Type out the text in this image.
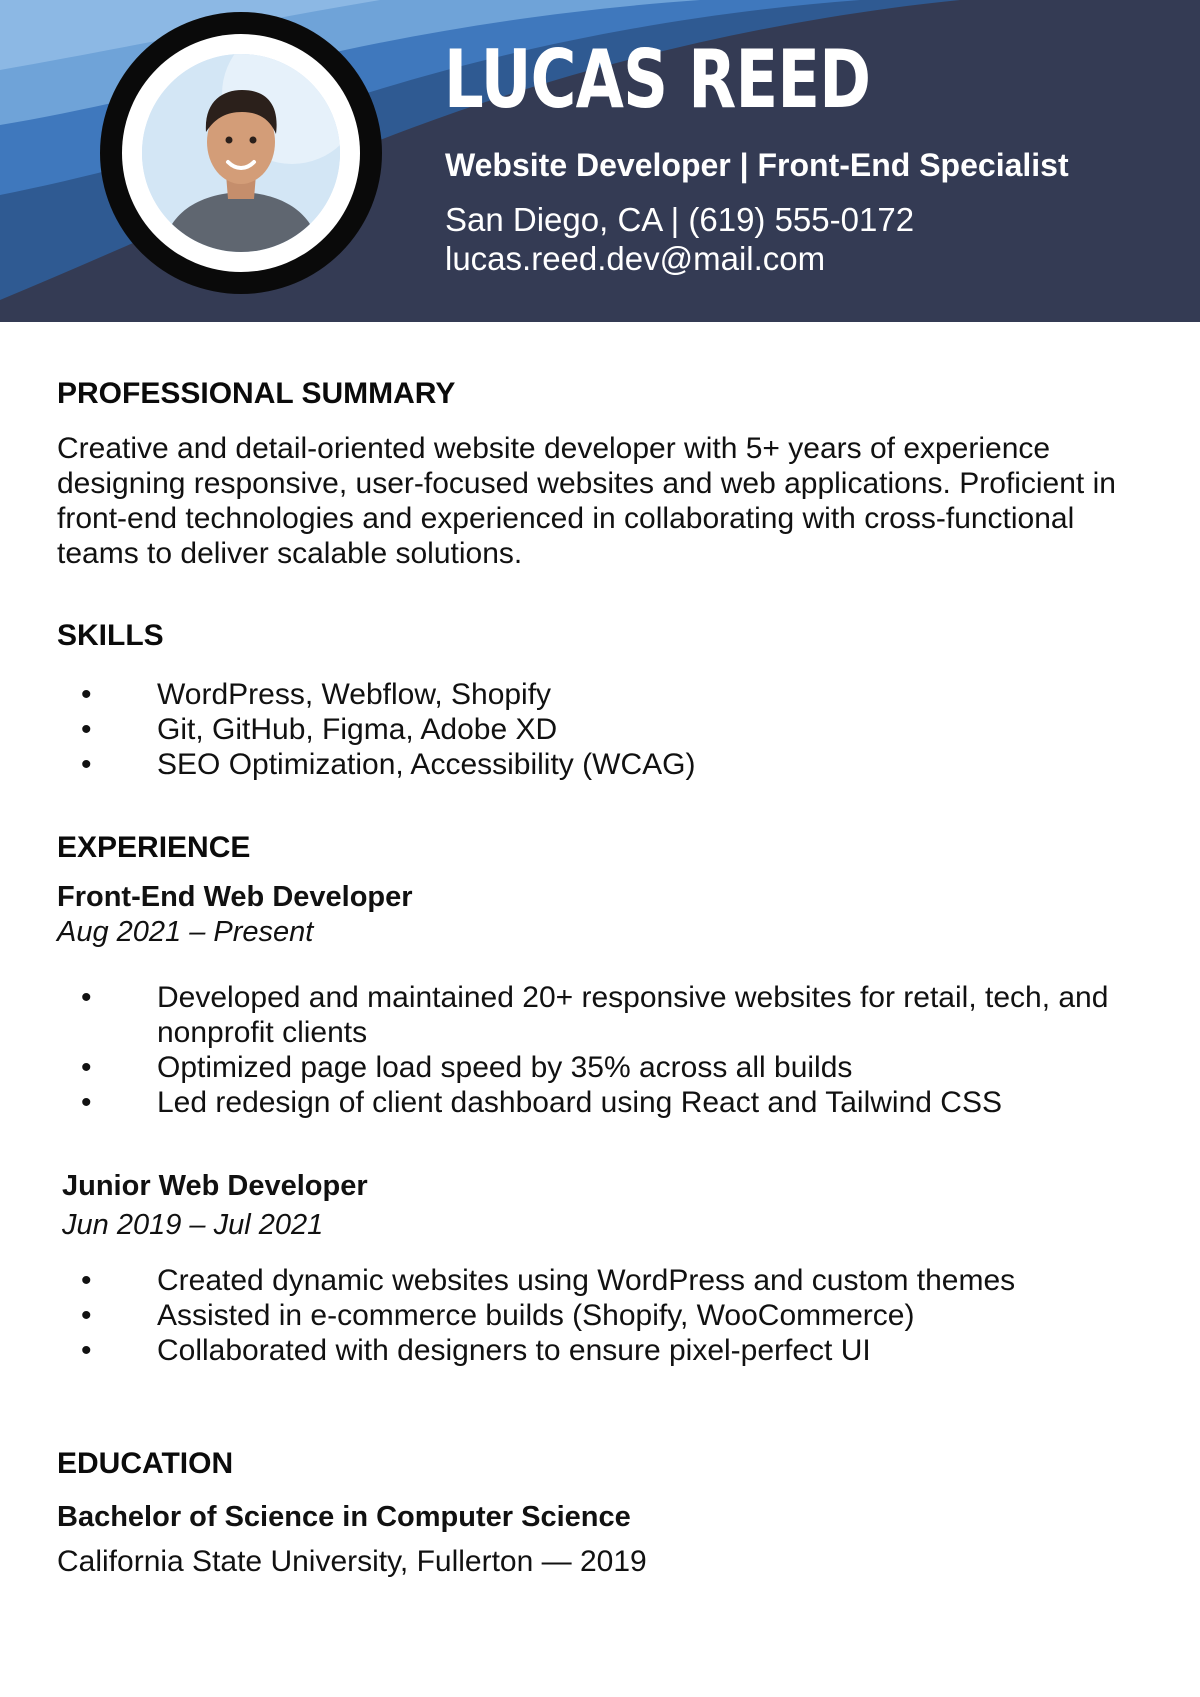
LUCAS REED
Website Developer | Front-End Specialist
San Diego, CA | (619) 555-0172
lucas.reed.dev@mail.com
PROFESSIONAL SUMMARY
Creative and detail-oriented website developer with 5+ years of experience designing responsive, user-focused websites and web applications. Proficient in front-end technologies and experienced in collaborating with cross-functional teams to deliver scalable solutions.
SKILLS
• WordPress, Webflow, Shopify
• Git, GitHub, Figma, Adobe XD
• SEO Optimization, Accessibility (WCAG)
EXPERIENCE
Front-End Web Developer
Aug 2021 – Present
• Developed and maintained 20+ responsive websites for retail, tech, and nonprofit clients
• Optimized page load speed by 35% across all builds
• Led redesign of client dashboard using React and Tailwind CSS
Junior Web Developer
Jun 2019 – Jul 2021
• Created dynamic websites using WordPress and custom themes
• Assisted in e-commerce builds (Shopify, WooCommerce)
• Collaborated with designers to ensure pixel-perfect UI
EDUCATION
Bachelor of Science in Computer Science
California State University, Fullerton — 2019
